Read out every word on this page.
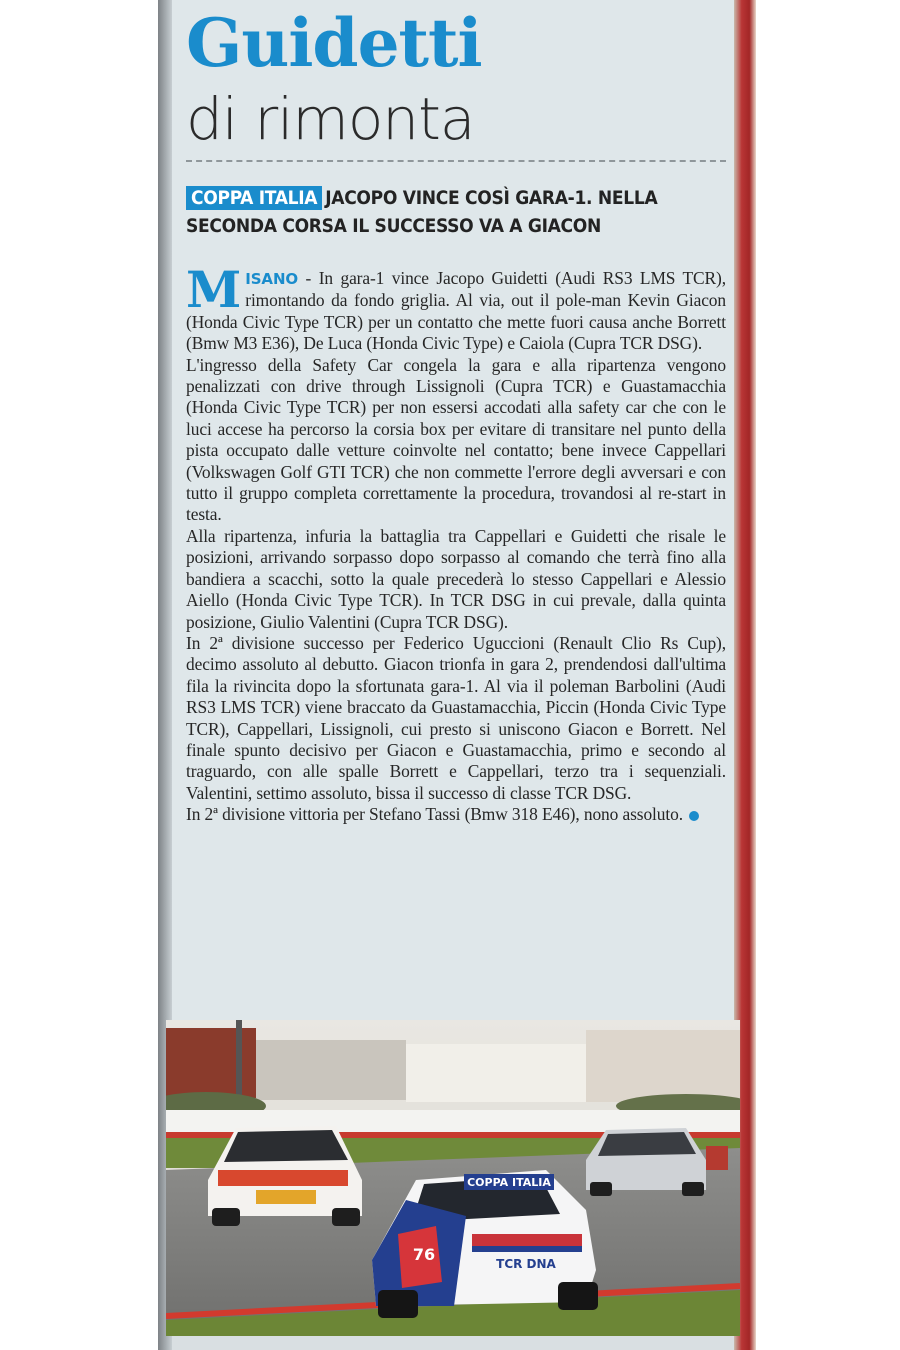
Guidetti
di rimonta
COPPA ITALIA JACOPO VINCE COSÌ GARA-1. NELLA SECONDA CORSA IL SUCCESSO VA A GIACON

MISANO - In gara-1 vince Jacopo Guidetti (Audi RS3 LMS TCR), rimontando da fondo griglia. Al via, out il pole-man Kevin Giacon (Honda Civic Type TCR) per un contatto che mette fuori causa anche Borrett (Bmw M3 E36), De Luca (Honda Civic Type) e Caiola (Cupra TCR DSG).

L'ingresso della Safety Car congela la gara e alla ripartenza vengono penalizzati con drive through Lissignoli (Cupra TCR) e Guastamacchia (Honda Civic Type TCR) per non essersi accodati alla safety car che con le luci accese ha percorso la corsia box per evitare di transitare nel punto della pista occupato dalle vetture coinvolte nel contatto; bene invece Cappellari (Volkswagen Golf GTI TCR) che non commette l'errore degli avversari e con tutto il gruppo completa correttamente la procedura, trovandosi al re-start in testa.

Alla ripartenza, infuria la battaglia tra Cappellari e Guidetti che risale le posizioni, arrivando sorpasso dopo sorpasso al comando che terrà fino alla bandiera a scacchi, sotto la quale precederà lo stesso Cappellari e Alessio Aiello (Honda Civic Type TCR). In TCR DSG in cui prevale, dalla quinta posizione, Giulio Valentini (Cupra TCR DSG).

In 2ª divisione successo per Federico Uguccioni (Renault Clio Rs Cup), decimo assoluto al debutto. Giacon trionfa in gara 2, prendendosi dall'ultima fila la rivincita dopo la sfortunata gara-1. Al via il poleman Barbolini (Audi RS3 LMS TCR) viene braccato da Guastamacchia, Piccin (Honda Civic Type TCR), Cappellari, Lissignoli, cui presto si uniscono Giacon e Borrett. Nel finale spunto decisivo per Giacon e Guastamacchia, primo e secondo al traguardo, con alle spalle Borrett e Cappellari, terzo tra i sequenziali. Valentini, settimo assoluto, bissa il successo di classe TCR DSG.

In 2ª divisione vittoria per Stefano Tassi (Bmw 318 E46), nono assoluto.

COPPA ITALIA
76	TCR DNA
